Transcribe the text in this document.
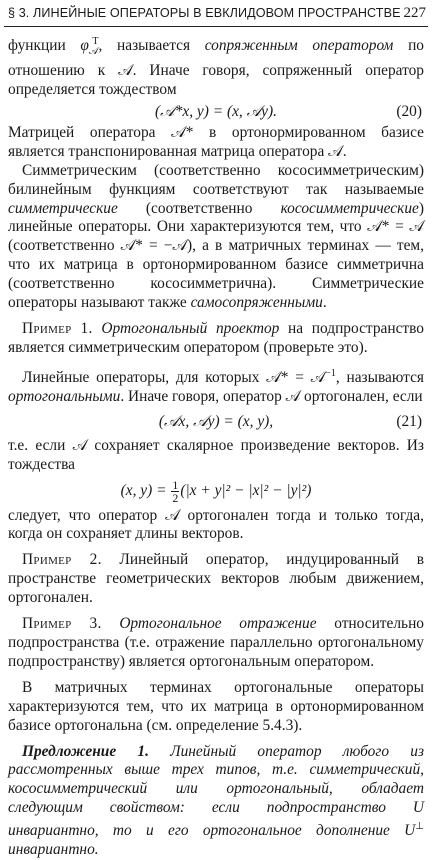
§ 3. ЛИНЕЙНЫЕ ОПЕРАТОРЫ В ЕВКЛИДОВОМ ПРОСТРАНСТВЕ 227

функции $\varphi_𝒜^T$, называется сопряженным оператором по отношению к 𝒜. Иначе говоря, сопряженный оператор определяется тождеством

(𝒜*x, y) = (x, 𝒜y).	(20)

Матрицей оператора 𝒜* в ортонормированном базисе является транспонированная матрица оператора 𝒜.

Симметрическим (соответственно кососимметрическим) билинейным функциям соответствуют так называемые симметрические (соответственно кососимметрические) линейные операторы. Они характеризуются тем, что 𝒜* = 𝒜 (соответственно 𝒜* = −𝒜), а в матричных терминах — тем, что их матрица в ортонормированном базисе симметрична (соответственно кососимметрична). Симметрические операторы называют также самосопряженными.

Пример 1. Ортогональный проектор на подпространство является симметрическим оператором (проверьте это).

Линейные операторы, для которых 𝒜* = 𝒜$^{-1}$, называются ортогональными. Иначе говоря, оператор 𝒜 ортогонален, если

(𝒜x, 𝒜y) = (x, y),	(21)

т.е. если 𝒜 сохраняет скалярное произведение векторов. Из тождества

(x, $y) = \frac{1}{2} (|x + y|^2 - |x|^2 - |y|^2)$

следует, что оператор 𝒜 ортогонален тогда и только тогда, когда он сохраняет длины векторов.

Пример 2. Линейный оператор, индуцированный в пространстве геометрических векторов любым движением, ортогонален.

Пример 3. Ортогональное отражение относительно подпространства (т.е. отражение параллельно ортогональному подпространству) является ортогональным оператором.

В матричных терминах ортогональные операторы характеризуются тем, что их матрица в ортонормированном базисе ортогональна (см. определение 5.4.3).

Предложение 1. Линейный оператор любого из рассмотренных выше трех типов, т.е. симметрический, кососимметрический или ортогональный, обладает следующим свойством: если подпространство U инвариантно, то и его ортогональное дополнение U⊥ инвариантно.
